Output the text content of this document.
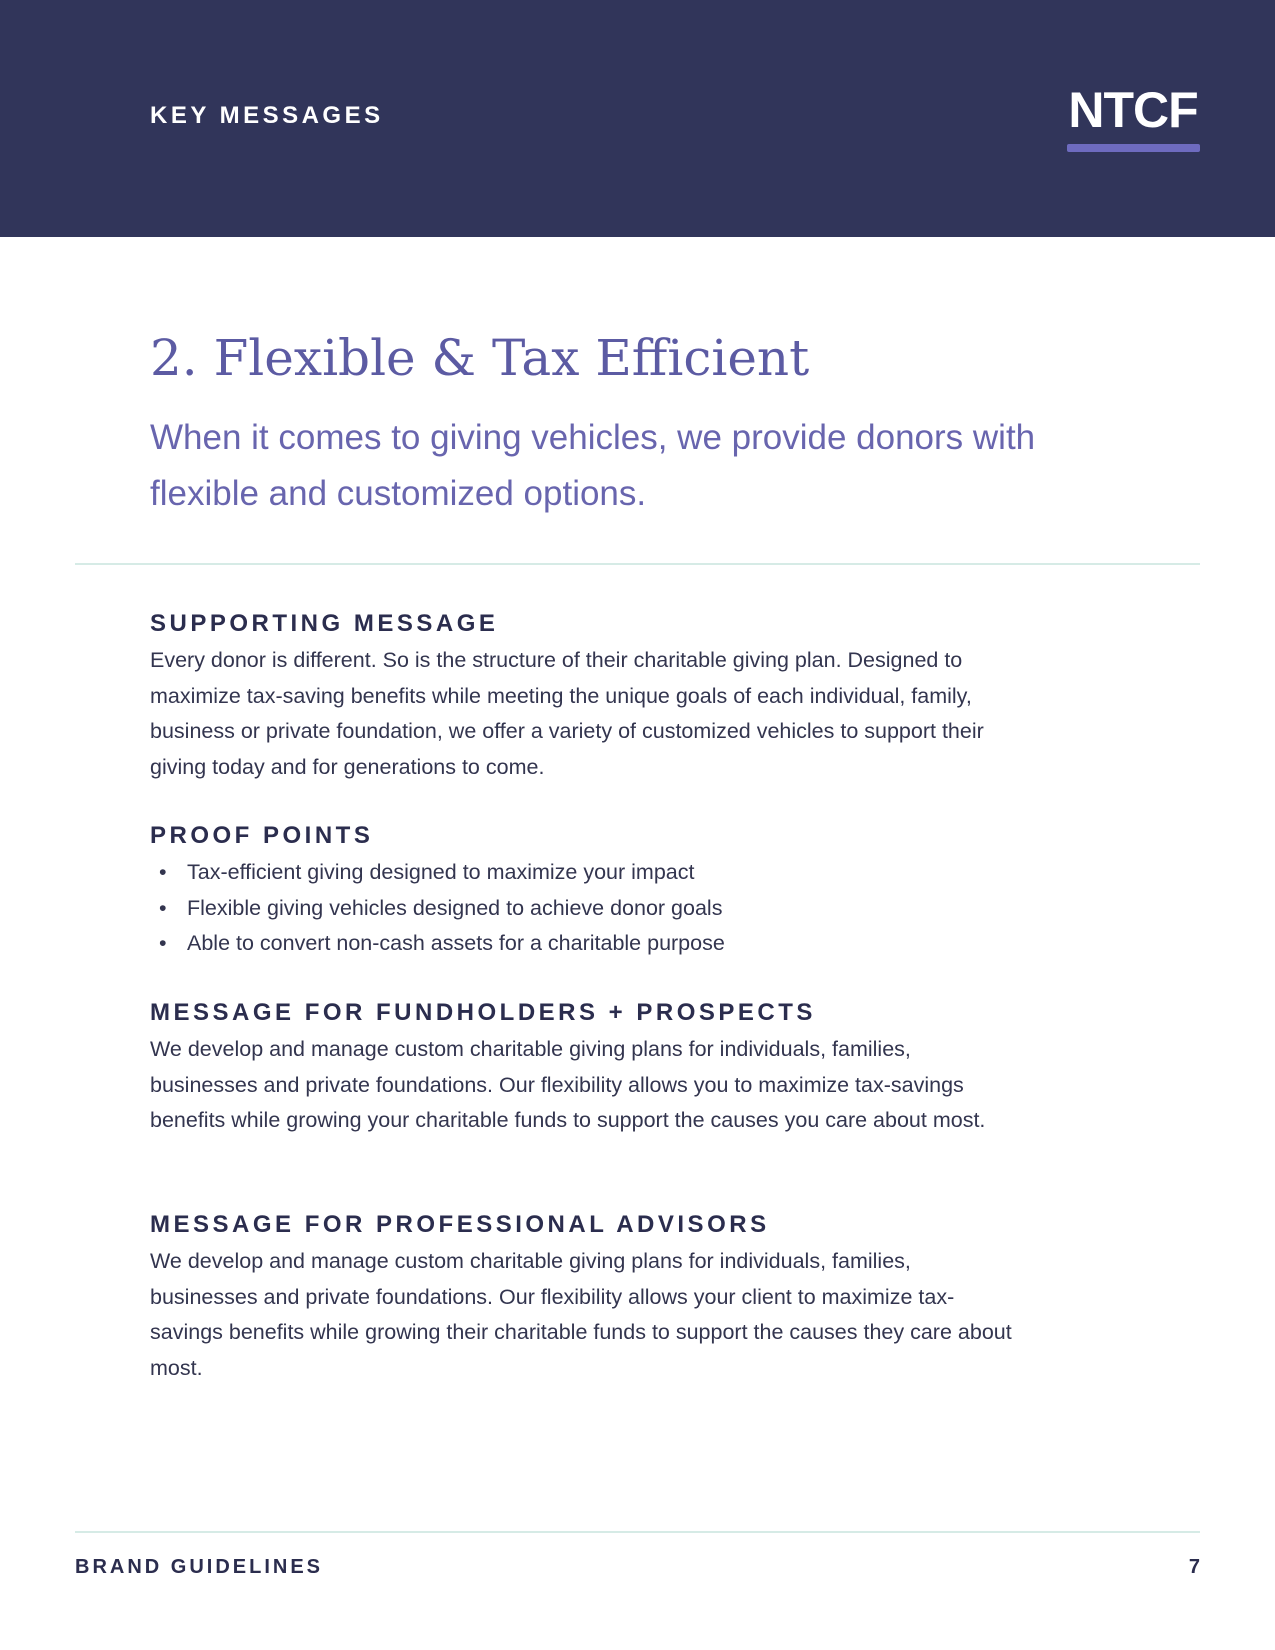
KEY MESSAGES	NTCF
2. Flexible & Tax Efficient

When it comes to giving vehicles, we provide donors with flexible and customized options.

SUPPORTING MESSAGE

Every donor is different. So is the structure of their charitable giving plan. Designed to maximize tax-saving benefits while meeting the unique goals of each individual, family, business or private foundation, we offer a variety of customized vehicles to support their giving today and for generations to come.

PROOF POINTS
• Tax-efficient giving designed to maximize your impact
• Flexible giving vehicles designed to achieve donor goals
• Able to convert non-cash assets for a charitable purpose
MESSAGE FOR FUNDHOLDERS + PROSPECTS

We develop and manage custom charitable giving plans for individuals, families, businesses and private foundations. Our flexibility allows you to maximize tax-savings benefits while growing your charitable funds to support the causes you care about most.

MESSAGE FOR PROFESSIONAL ADVISORS

We develop and manage custom charitable giving plans for individuals, families, businesses and private foundations. Our flexibility allows your client to maximize tax-savings benefits while growing their charitable funds to support the causes they care about most.

BRAND GUIDELINES	7
